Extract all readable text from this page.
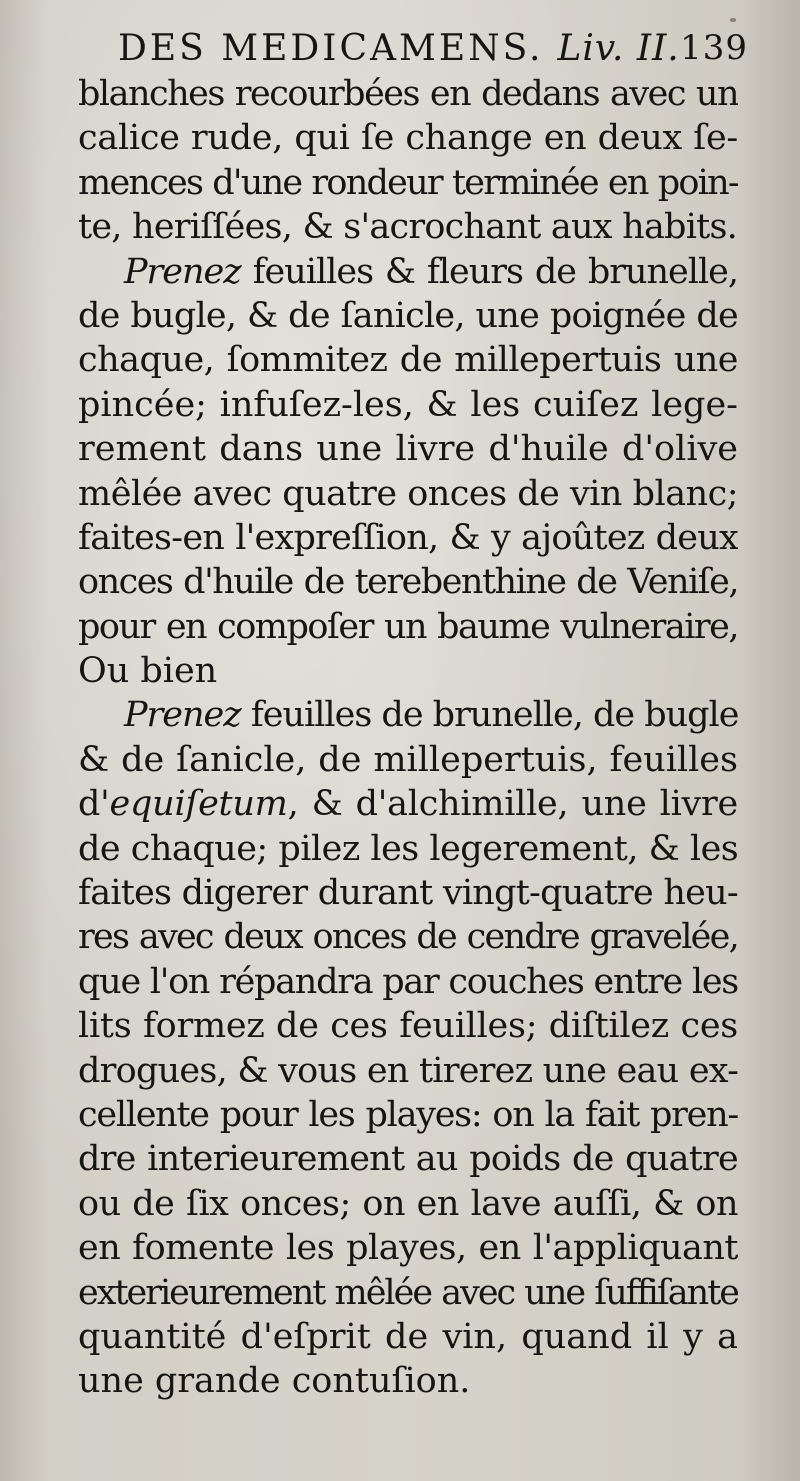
DES MEDICAMENS. Liv. II. 139
blanches recourbées en dedans avec un
calice rude, qui ſe change en deux ſe-
mences d'une rondeur terminée en poin-
te, heriſſées, & s'acrochant aux habits.
Prenez feuilles & fleurs de brunelle,
de bugle, & de ſanicle, une poignée de
chaque, ſommitez de millepertuis une
pincée; infuſez-les, & les cuiſez lege-
rement dans une livre d'huile d'olive
mêlée avec quatre onces de vin blanc;
faites-en l'expreſſion, & y ajoûtez deux
onces d'huile de terebenthine de Veniſe,
pour en compoſer un baume vulneraire,
Ou bien
Prenez feuilles de brunelle, de bugle
& de ſanicle, de millepertuis, feuilles
d'equiſetum, & d'alchimille, une livre
de chaque; pilez les legerement, & les
faites digerer durant vingt-quatre heu-
res avec deux onces de cendre gravelée,
que l'on répandra par couches entre les
lits formez de ces feuilles; diſtilez ces
drogues, & vous en tirerez une eau ex-
cellente pour les playes: on la fait pren-
dre interieurement au poids de quatre
ou de ſix onces; on en lave auſſi, & on
en fomente les playes, en l'appliquant
exterieurement mêlée avec une ſuffiſante
quantité d'eſprit de vin, quand il y a
une grande contuſion.
